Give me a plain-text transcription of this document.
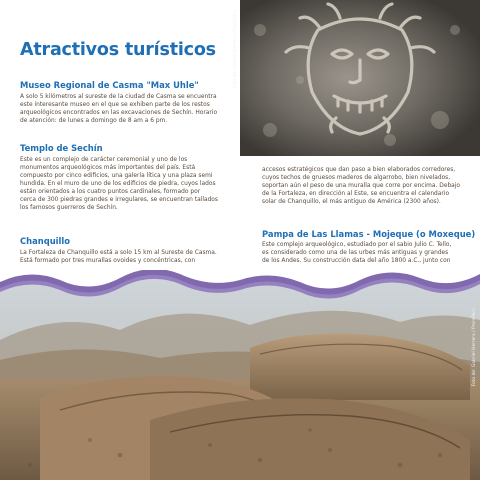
Foto de: Gabriel Herrera / PromPerú
Atractivos turísticos
Museo Regional de Casma "Max Uhle"
A solo 5 kilómetros al sureste de la ciudad de Casma se encuentra
este interesante museo en el que se exhiben parte de los restos
arqueológicos encontrados en las excavaciones de Sechín. Horario
de atención: de lunes a domingo de 8 am a 6 pm.
Templo de Sechín
Este es un complejo de carácter ceremonial y uno de los
monumentos arqueológicos más importantes del país. Está
compuesto por cinco edificios, una galería lítica y una plaza semi
hundida. En el muro de uno de los edificios de piedra, cuyos lados
están orientados a los cuatro puntos cardinales, formado por
cerca de 300 piedras grandes e irregulares, se encuentran tallados
los famosos guerreros de Sechín.
Chanquillo
La Fortaleza de Chanquillo está a solo 15 km al Sureste de Casma.
Está formado por tres murallas ovoides y concéntricas, con
accesos estratégicos que dan paso a bien elaborados corredores,
cuyos techos de gruesos maderos de algarrobo, bien nivelados,
soportan aún el peso de una muralla que corre por encima. Debajo
de la Fortaleza, en dirección al Este, se encuentra el calendario
solar de Chanquillo, el más antiguo de América (2300 años).
Pampa de Las Llamas - Mojeque (o Moxeque)
Este complejo arqueológico, estudiado por el sabio Julio C. Tello,
es considerado como una de las urbes más antiguas y grandes
de los Andes. Su construcción data del año 1800 a.C., junto con
Foto de: Gabriel Herrera / PromPerú
